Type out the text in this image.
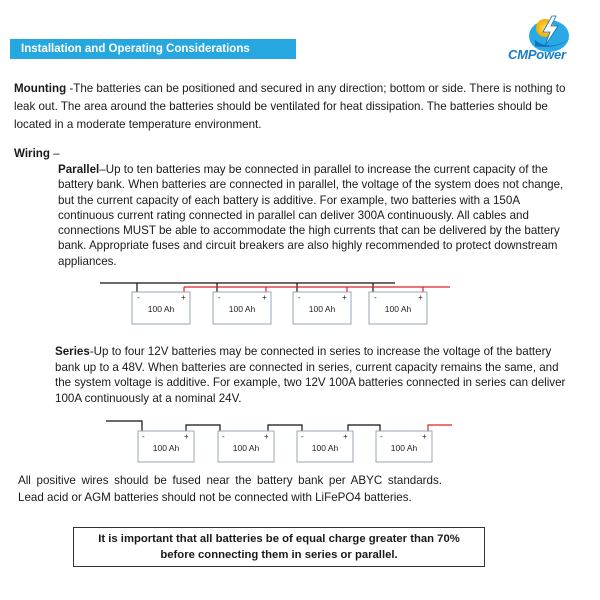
Installation and Operating Considerations	CMPower

Mounting -The batteries can be positioned and secured in any direction; bottom or side. There is nothing to leak out. The area around the batteries should be ventilated for heat dissipation. The batteries should be located in a moderate temperature environment.

Wiring –

Parallel–Up to ten batteries may be connected in parallel to increase the current capacity of the battery bank. When batteries are connected in parallel, the voltage of the system does not change, but the current capacity of each battery is additive. For example, two batteries with a 150A continuous current rating connected in parallel can deliver 300A continuously. All cables and connections MUST be able to accommodate the high currents that can be delivered by the battery bank. Appropriate fuses and circuit breakers are also highly recommended to protect downstream appliances.

-	+
100 Ah
-	+
100 Ah
-	+
100 Ah
-	+
100 Ah

Series-Up to four 12V batteries may be connected in series to increase the voltage of the battery bank up to a 48V. When batteries are connected in series, current capacity remains the same, and the system voltage is additive. For example, two 12V 100A batteries connected in series can deliver 100A continuously at a nominal 24V.

-	+
100 Ah
-	+
100 Ah
-	+
100 Ah
-	+
100 Ah

All positive wires should be fused near the battery bank per ABYC standards. Lead acid or AGM batteries should not be connected with LiFePO4 batteries.

It is important that all batteries be of equal charge greater than 70%
before connecting them in series or parallel.
